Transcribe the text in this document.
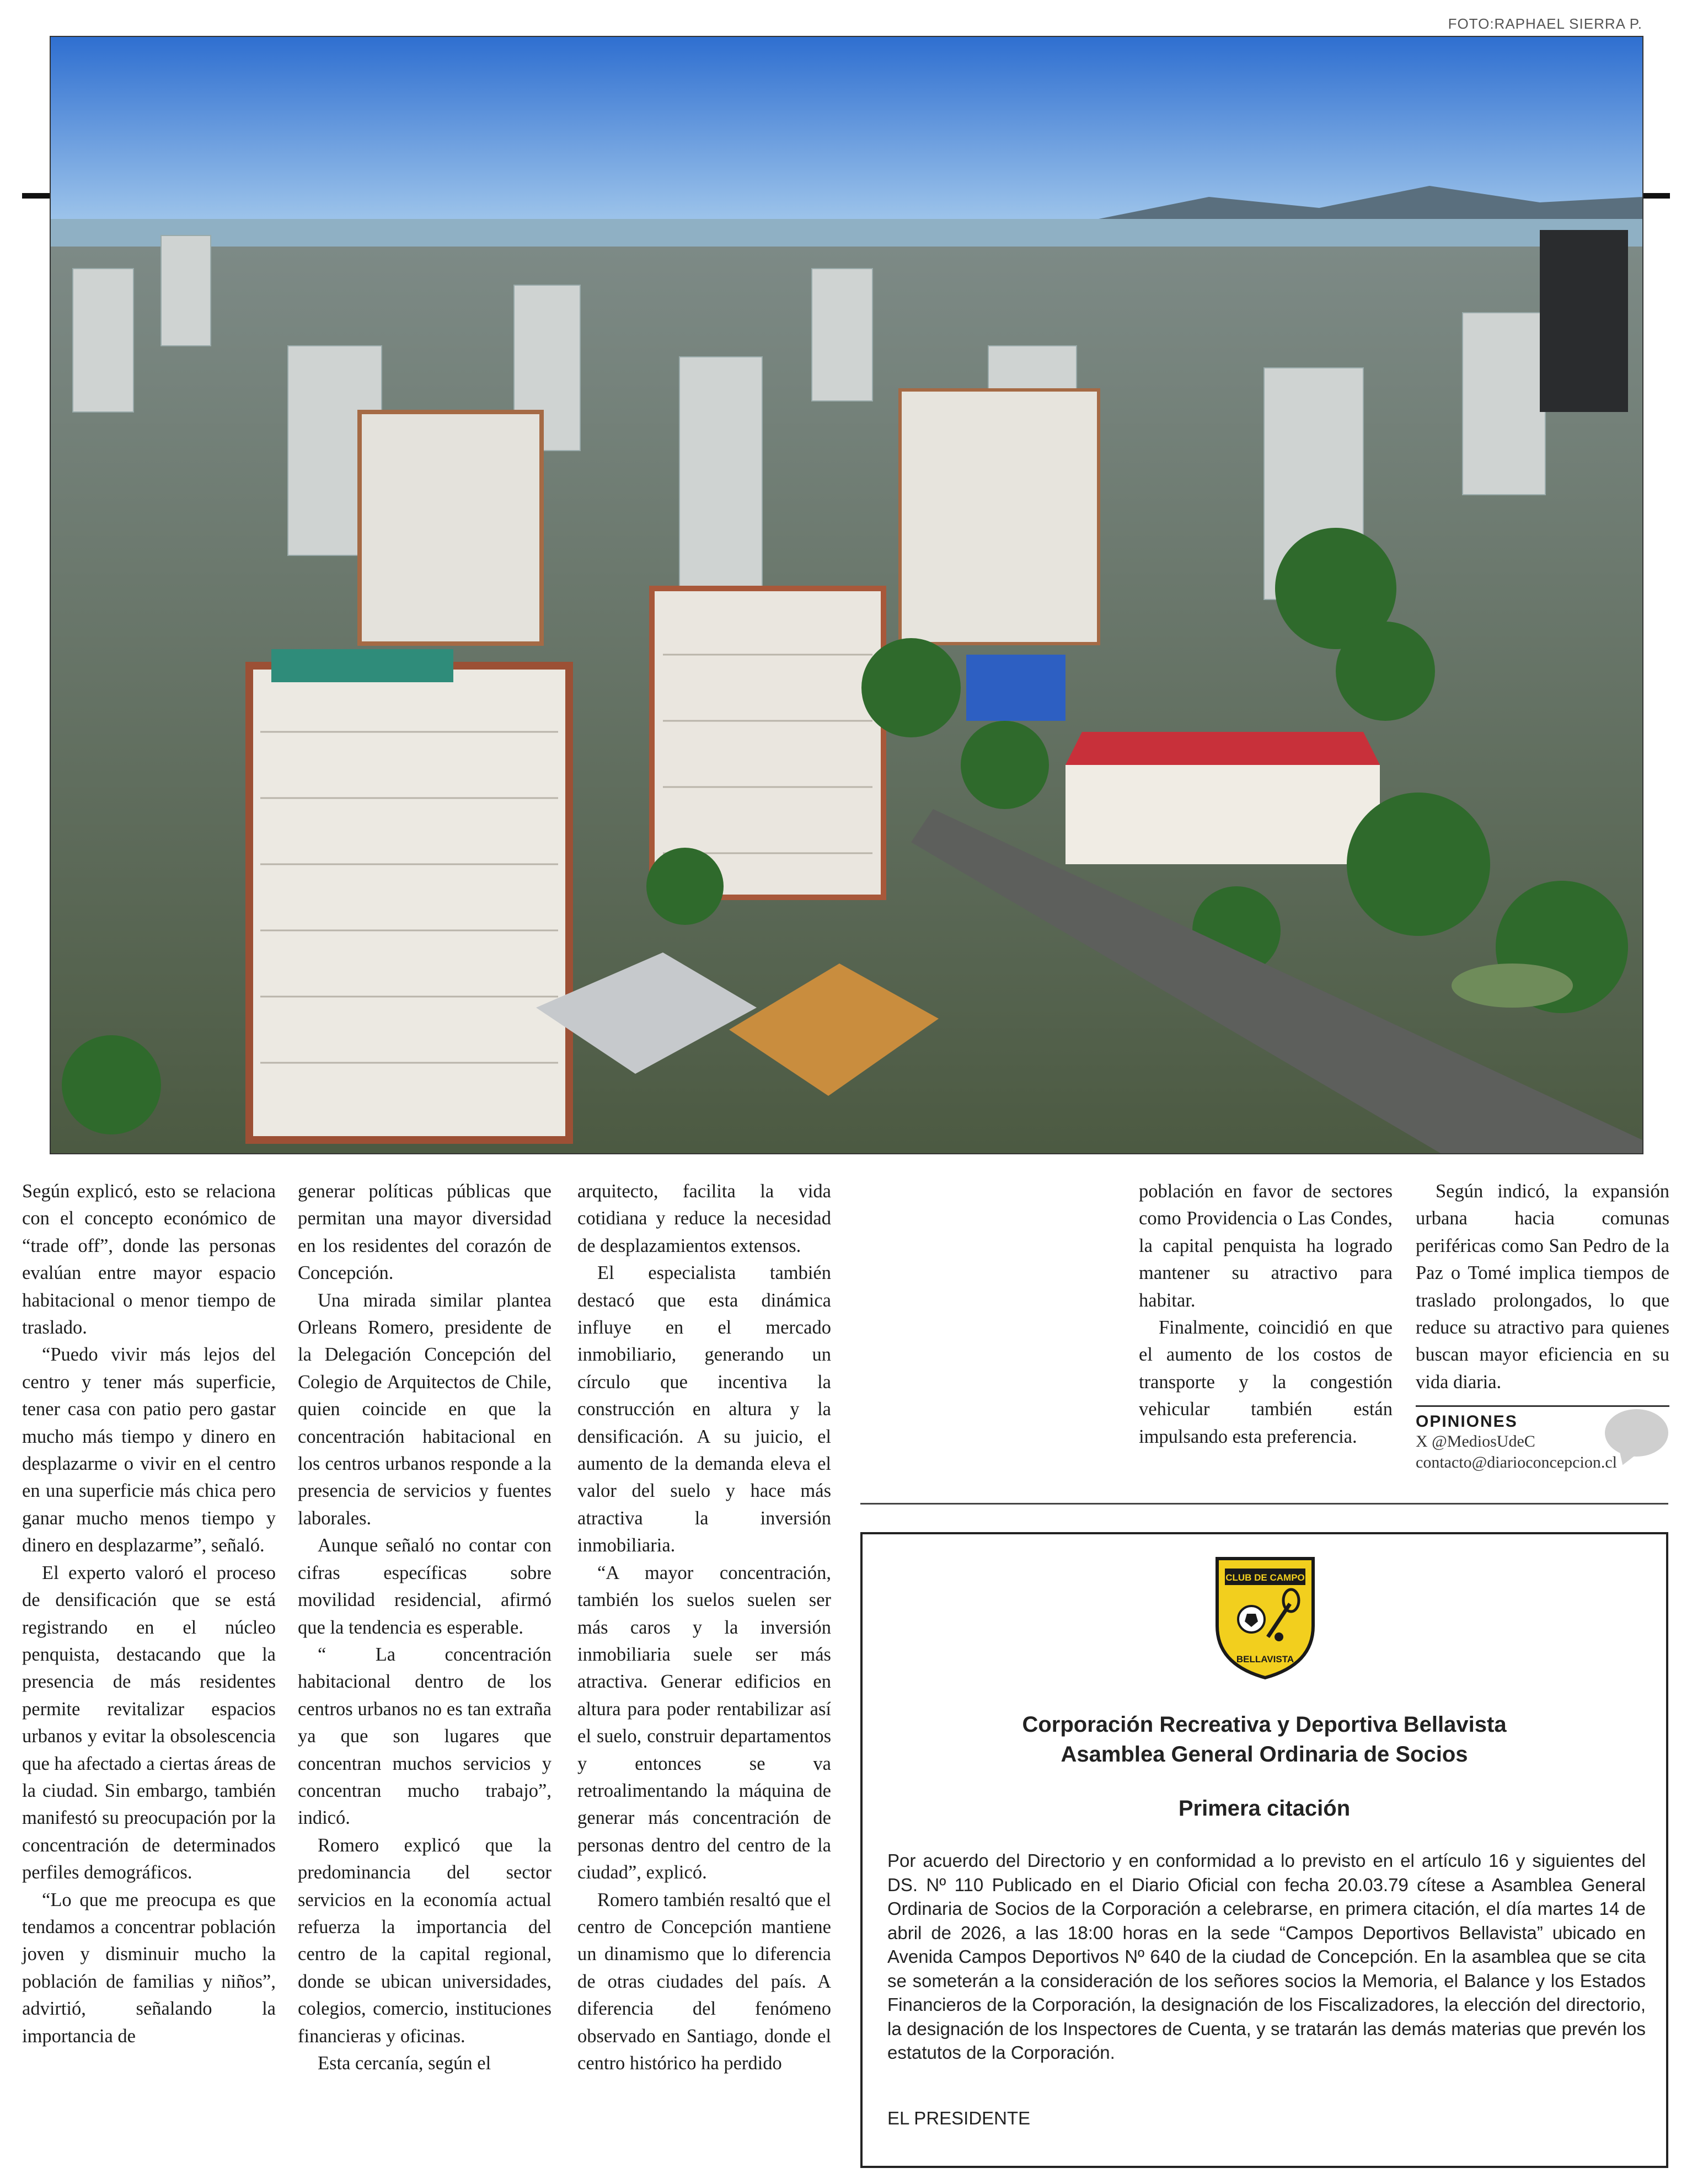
FOTO:RAPHAEL SIERRA P.

Según explicó, esto se relaciona con el concepto económico de “trade off”, donde las personas evalúan entre mayor espacio habitacional o menor tiempo de traslado.

“Puedo vivir más lejos del centro y tener más superficie, tener casa con patio pero gastar mucho más tiempo y dinero en desplazarme o vivir en el centro en una superficie más chica pero ganar mucho menos tiempo y dinero en desplazarme”, señaló.

El experto valoró el proceso de densificación que se está registrando en el núcleo penquista, destacando que la presencia de más residentes permite revitalizar espacios urbanos y evitar la obsolescencia que ha afectado a ciertas áreas de la ciudad. Sin embargo, también manifestó su preocupación por la concentración de determinados perfiles demográficos.

“Lo que me preocupa es que tendamos a concentrar población joven y disminuir mucho la población de familias y niños”, advirtió, señalando la importancia de

generar políticas públicas que permitan una mayor diversidad en los residentes del corazón de Concepción.

Una mirada similar plantea Orleans Romero, presidente de la Delegación Concepción del Colegio de Arquitectos de Chile, quien coincide en que la concentración habitacional en los centros urbanos responde a la presencia de servicios y fuentes laborales.

Aunque señaló no contar con cifras específicas sobre movilidad residencial, afirmó que la tendencia es esperable.

“ La concentración habitacional dentro de los centros urbanos no es tan extraña ya que son lugares que concentran muchos servicios y concentran mucho trabajo”, indicó.

Romero explicó que la predominancia del sector servicios en la economía actual refuerza la importancia del centro de la capital regional, donde se ubican universidades, colegios, comercio, instituciones financieras y oficinas.

Esta cercanía, según el

arquitecto, facilita la vida cotidiana y reduce la necesidad de desplazamientos extensos.

El especialista también destacó que esta dinámica influye en el mercado inmobiliario, generando un círculo que incentiva la construcción en altura y la densificación. A su juicio, el aumento de la demanda eleva el valor del suelo y hace más atractiva la inversión inmobiliaria.

“A mayor concentración, también los suelos suelen ser más caros y la inversión inmobiliaria suele ser más atractiva. Generar edificios en altura para poder rentabilizar así el suelo, construir departamentos y entonces se va retroalimentando la máquina de generar más concentración de personas dentro del centro de la ciudad”, explicó.

Romero también resaltó que el centro de Concepción mantiene un dinamismo que lo diferencia de otras ciudades del país. A diferencia del fenómeno observado en Santiago, donde el centro histórico ha perdido

población en favor de sectores como Providencia o Las Condes, la capital penquista ha logrado mantener su atractivo para habitar.

Finalmente, coincidió en que el aumento de los costos de transporte y la congestión vehicular también están impulsando esta preferencia.

Según indicó, la expansión urbana hacia comunas periféricas como San Pedro de la Paz o Tomé implica tiempos de traslado prolongados, lo que reduce su atractivo para quienes buscan mayor eficiencia en su vida diaria.

OPINIONES
X @MediosUdeC
contacto@diarioconcepcion.cl
CLUB DE CAMPO
BELLAVISTA
Corporación Recreativa y Deportiva Bellavista
Asamblea General Ordinaria de Socios
Primera citación
Por acuerdo del Directorio y en conformidad a lo previsto en el artículo 16 y siguientes del DS. Nº 110 Publicado en el Diario Oficial con fecha 20.03.79 cítese a Asamblea General Ordinaria de Socios de la Corporación a celebrarse, en primera citación, el día martes 14 de abril de 2026, a las 18:00 horas en la sede “Campos Deportivos Bellavista” ubicado en Avenida Campos Deportivos Nº 640 de la ciudad de Concepción. En la asamblea que se cita se someterán a la consideración de los señores socios la Memoria, el Balance y los Estados Financieros de la Corporación, la designación de los Fiscalizadores, la elección del directorio, la designación de los Inspectores de Cuenta, y se tratarán las demás materias que prevén los estatutos de la Corporación.
EL PRESIDENTE
